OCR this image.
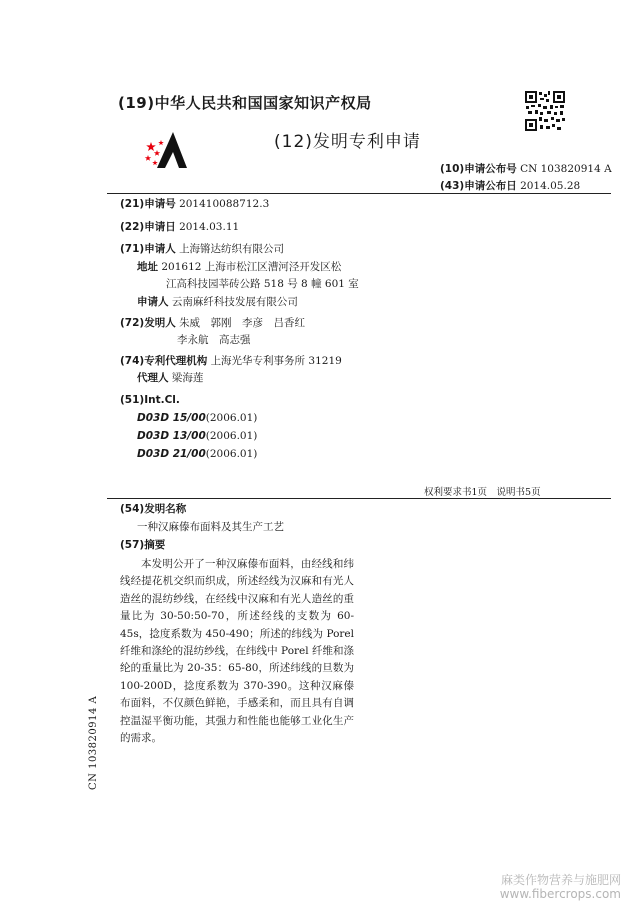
(19)中华人民共和国国家知识产权局
(12)发明专利申请
(10)申请公布号 CN 103820914 A
(43)申请公布日 2014.05.28
(21)申请号 201410088712.3
(22)申请日 2014.03.11
(71)申请人 上海锵达纺织有限公司
地址 201612 上海市松江区漕河泾开发区松
江高科技园莘砖公路 518 号 8 幢 601 室
申请人 云南麻纤科技发展有限公司
(72)发明人 朱威　郭刚　李彦　吕香红
李永航　高志强
(74)专利代理机构 上海光华专利事务所 31219
代理人 梁海莲
(51)Int.Cl.
D03D 15/00(2006.01)
D03D 13/00(2006.01)
D03D 21/00(2006.01)
权利要求书1页　说明书5页
(54)发明名称
一种汉麻傣布面料及其生产工艺
(57)摘要
本发明公开了一种汉麻傣布面料，由经线和纬线经提花机交织而织成，所述经线为汉麻和有光人造丝的混纺纱线，在经线中汉麻和有光人造丝的重量比为 30-50:50-70，所述经线的支数为 60-45s，捻度系数为 450-490；所述的纬线为 Porel 纤维和涤纶的混纺纱线，在纬线中 Porel 纤维和涤纶的重量比为 20-35：65-80，所述纬线的旦数为 100-200D，捻度系数为 370-390。这种汉麻傣布面料，不仅颜色鲜艳，手感柔和，而且具有自调控温湿平衡功能，其强力和性能也能够工业化生产的需求。
CN 103820914 A
麻类作物营养与施肥网
www.fibercrops.com
